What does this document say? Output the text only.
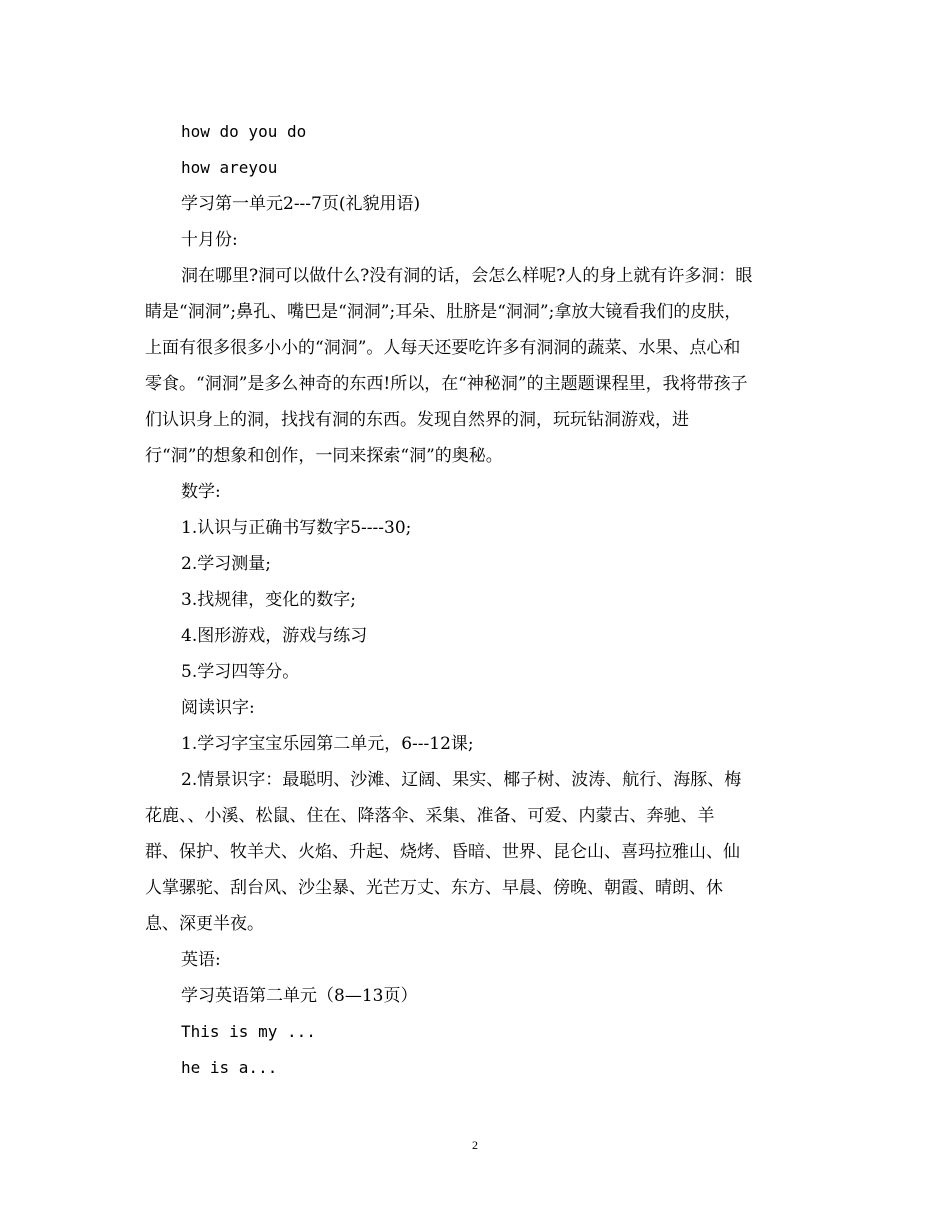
how do you do
how areyou
学习第一单元2---7页(礼貌用语)
十月份:
洞在哪里?洞可以做什么?没有洞的话，会怎么样呢?人的身上就有许多洞：眼
睛是“洞洞”;鼻孔、嘴巴是“洞洞”;耳朵、肚脐是“洞洞”;拿放大镜看我们的皮肤，
上面有很多很多小小的“洞洞”。人每天还要吃许多有洞洞的蔬菜、水果、点心和
零食。“洞洞”是多么神奇的东西!所以，在“神秘洞”的主题题课程里，我将带孩子
们认识身上的洞，找找有洞的东西。发现自然界的洞，玩玩钻洞游戏，进
行“洞”的想象和创作，一同来探索“洞”的奥秘。
数学:
1.认识与正确书写数字5----30;
2.学习测量;
3.找规律，变化的数字;
4.图形游戏，游戏与练习
5.学习四等分。
阅读识字:
1.学习字宝宝乐园第二单元，6---12课;
2.情景识字：最聪明、沙滩、辽阔、果实、椰子树、波涛、航行、海豚、梅
花鹿、、小溪、松鼠、住在、降落伞、采集、准备、可爱、内蒙古、奔驰、羊
群、保护、牧羊犬、火焰、升起、烧烤、昏暗、世界、昆仑山、喜玛拉雅山、仙
人掌骡驼、刮台风、沙尘暴、光芒万丈、东方、早晨、傍晚、朝霞、晴朗、休
息、深更半夜。
英语:
学习英语第二单元（8—13页）
This is my ...
he is a...
2
